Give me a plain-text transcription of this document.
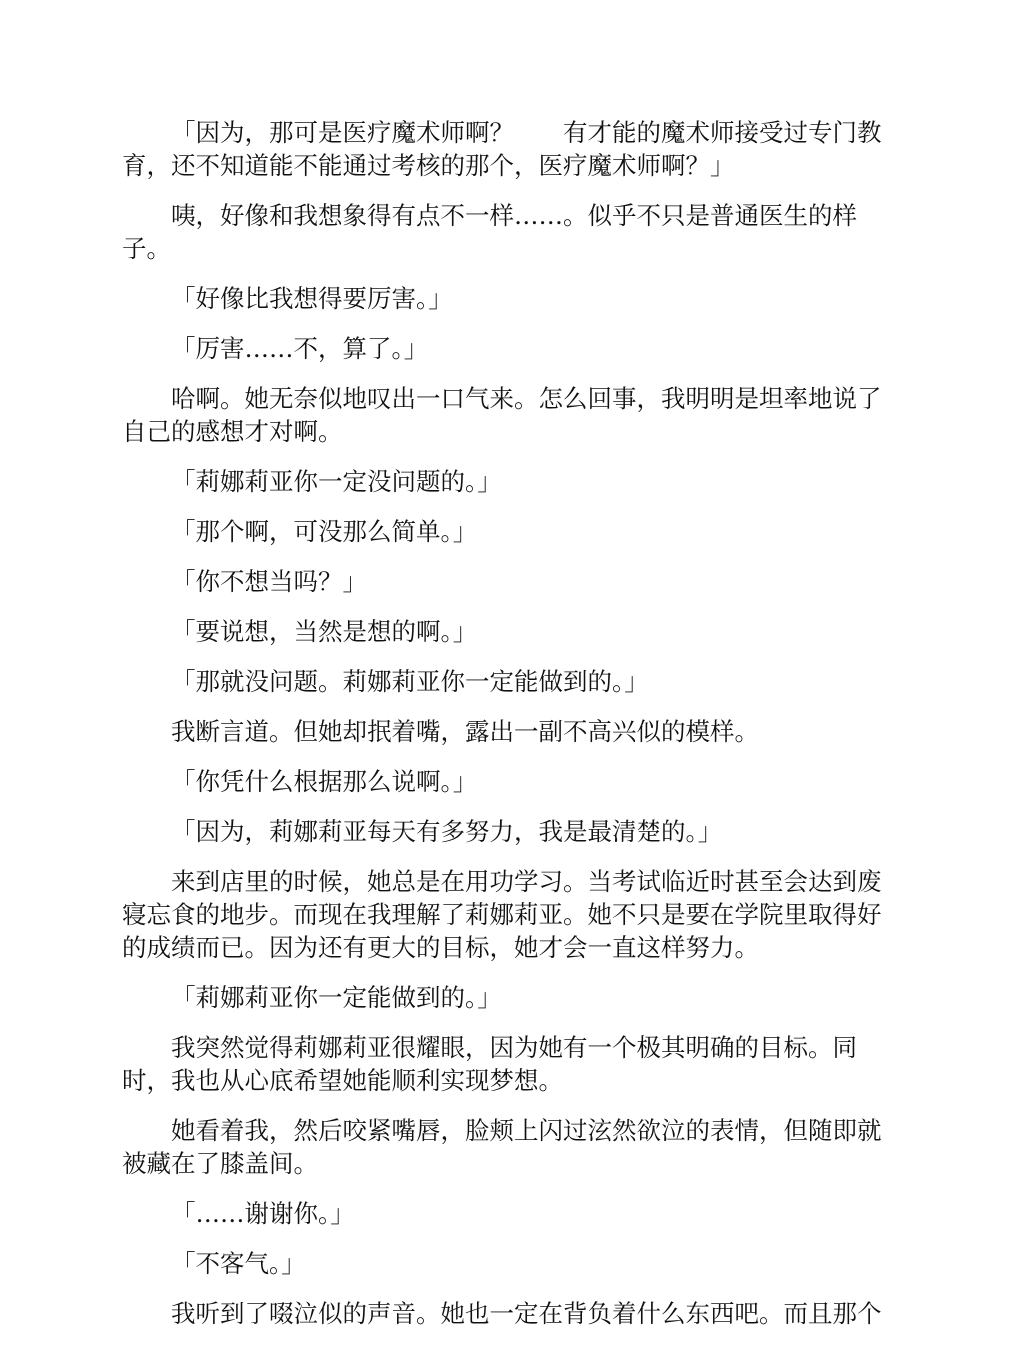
「因为，那可是医疗魔术师啊？　　有才能的魔术师接受过专门教育，还不知道能不能通过考核的那个，医疗魔术师啊？」

咦，好像和我想象得有点不一样……。似乎不只是普通医生的样子。

「好像比我想得要厉害。」

「厉害……不，算了。」

哈啊。她无奈似地叹出一口气来。怎么回事，我明明是坦率地说了自己的感想才对啊。

「莉娜莉亚你一定没问题的。」

「那个啊，可没那么简单。」

「你不想当吗？」

「要说想，当然是想的啊。」

「那就没问题。莉娜莉亚你一定能做到的。」

我断言道。但她却抿着嘴，露出一副不高兴似的模样。

「你凭什么根据那么说啊。」

「因为，莉娜莉亚每天有多努力，我是最清楚的。」

来到店里的时候，她总是在用功学习。当考试临近时甚至会达到废寝忘食的地步。而现在我理解了莉娜莉亚。她不只是要在学院里取得好的成绩而已。因为还有更大的目标，她才会一直这样努力。

「莉娜莉亚你一定能做到的。」

我突然觉得莉娜莉亚很耀眼，因为她有一个极其明确的目标。同时，我也从心底希望她能顺利实现梦想。

她看着我，然后咬紧嘴唇，脸颊上闪过泫然欲泣的表情，但随即就被藏在了膝盖间。

「……谢谢你。」

「不客气。」

我听到了啜泣似的声音。她也一定在背负着什么东西吧。而且那个
